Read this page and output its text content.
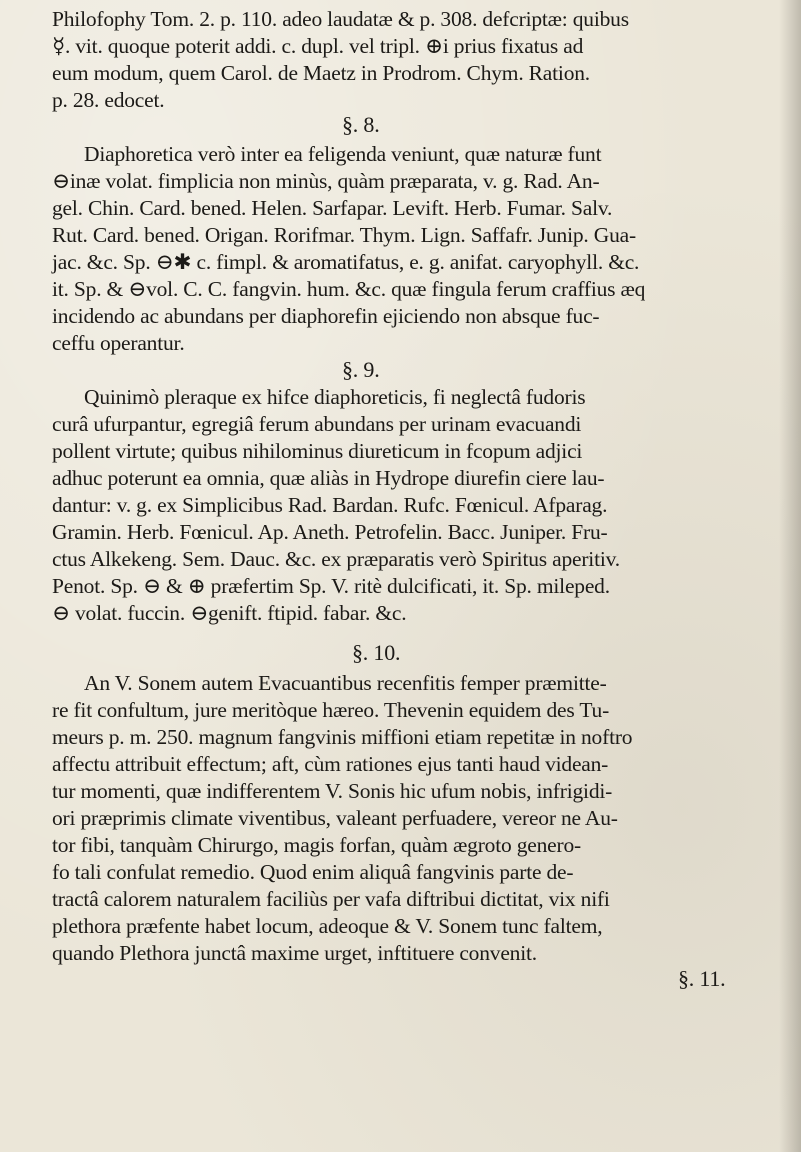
Philofophy Tom. 2. p. 110. adeo laudatæ & p. 308. defcriptæ: quibus
☿. vit. quoque poterit addi. c. dupl. vel tripl. ⊕i prius fixatus ad
eum modum, quem Carol. de Maetz in Prodrom. Chym. Ration.
p. 28. edocet.
§. 8.
Diaphoretica verò inter ea feligenda veniunt, quæ naturæ funt
⊖inæ volat. fimplicia non minùs, quàm præparata, v. g. Rad. An-
gel. Chin. Card. bened. Helen. Sarfapar. Levift. Herb. Fumar. Salv.
Rut. Card. bened. Origan. Rorifmar. Thym. Lign. Saffafr. Junip. Gua-
jac. &c. Sp. ⊖✱ c. fimpl. & aromatifatus, e. g. anifat. caryophyll. &c.
it. Sp. & ⊖vol. C. C. fangvin. hum. &c. quæ fingula ferum craffius æq
incidendo ac abundans per diaphorefin ejiciendo non absque fuc-
ceffu operantur.
§. 9.
Quinimò pleraque ex hifce diaphoreticis, fi neglectâ fudoris
curâ ufurpantur, egregiâ ferum abundans per urinam evacuandi
pollent virtute; quibus nihilominus diureticum in fcopum adjici
adhuc poterunt ea omnia, quæ aliàs in Hydrope diurefin ciere lau-
dantur: v. g. ex Simplicibus Rad. Bardan. Rufc. Fœnicul. Afparag.
Gramin. Herb. Fœnicul. Ap. Aneth. Petrofelin. Bacc. Juniper. Fru-
ctus Alkekeng. Sem. Dauc. &c. ex præparatis verò Spiritus aperitiv.
Penot. Sp. ⊖ & ⊕ præfertim Sp. V. ritè dulcificati, it. Sp. mileped.
⊖ volat. fuccin. ⊖genift. ftipid. fabar. &c.
§. 10.
An V. Sonem autem Evacuantibus recenfitis femper præmitte-
re fit confultum, jure meritòque hæreo. Thevenin equidem des Tu-
meurs p. m. 250. magnum fangvinis miffioni etiam repetitæ in noftro
affectu attribuit effectum; aft, cùm rationes ejus tanti haud videan-
tur momenti, quæ indifferentem V. Sonis hic ufum nobis, infrigidi-
ori præprimis climate viventibus, valeant perfuadere, vereor ne Au-
tor fibi, tanquàm Chirurgo, magis forfan, quàm ægroto genero-
fo tali confulat remedio. Quod enim aliquâ fangvinis parte de-
tractâ calorem naturalem faciliùs per vafa diftribui dictitat, vix nifi
plethora præfente habet locum, adeoque & V. Sonem tunc faltem,
quando Plethora junctâ maxime urget, inftituere convenit.
§. 11.
